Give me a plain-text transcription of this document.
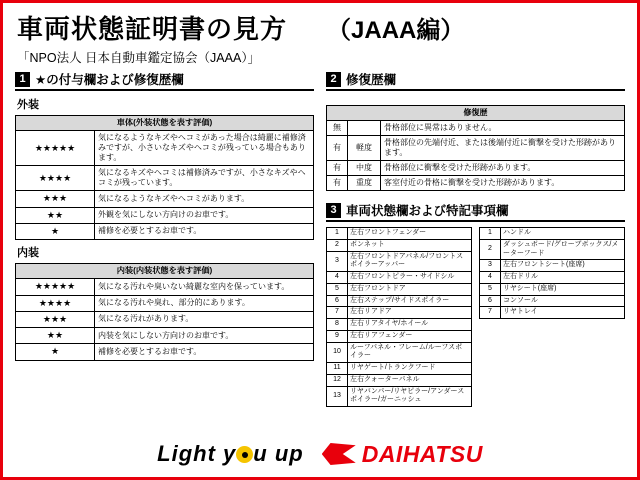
車両状態証明書の見方 （JAAA編）
「NPO法人 日本自動車鑑定協会（JAAA）」
1 ★の付与欄および修復歴欄
外装
車体(外装状態を表す評価)	
★★★★★	気になるようなキズやヘコミがあった場合は綺麗に補修済みですが、小さいなキズやヘコミが残っている場合もあります。
★★★★	気になるキズやヘコミは補修済みですが、小さなキズやヘコミが残っています。
★★★	気になるようなキズやヘコミがあります。
★★	外観を気にしない方向けのお車です。
★	補修を必要とするお車です。
内装
内装(内装状態を表す評価)	
★★★★★	気になる汚れや臭いない綺麗な室内を保っています。
★★★★	気になる汚れや臭れ、部分的にあります。
★★★	気になる汚れがあります。
★★	内装を気にしない方向けのお車です。
★	補修を必要とするお車です。
2 修復歴欄
修復歴		
無		骨格部位に異常はありません。
有	軽度	骨格部位の先端付近、または後端付近に衝撃を受けた形跡があります。
有	中度	骨格部位に衝撃を受けた形跡があります。
有	重度	客室付近の骨格に衝撃を受けた形跡があります。
3 車両状態欄および特記事項欄
1	左右フロントフェンダー
2	ボンネット
3	左右フロントドアパネル/フロントスポイラーアッパー
4	左右フロントピラー・サイドシル
5	左右フロントドア
6	左右ステップ/サイドスポイラー
7	左右リアドア
8	左右リアタイヤ/ホイール
9	左右リアフェンダー
10	ルーフパネル・フレーム/ルーフスポイラー
11	リヤゲート/トランクフード
12	左右クォーターパネル
13	リヤバンパー/リヤピラー/アンダースポイラー/ガーニッシュ
1	ハンドル
2	ダッシュボード/グローブボックス/メーターフード
3	左右フロントシート(座席)
4	左右ドリル
5	リヤシート(座席)
6	コンソール
7	リヤトレイ
Light y u up	DAIHATSU
